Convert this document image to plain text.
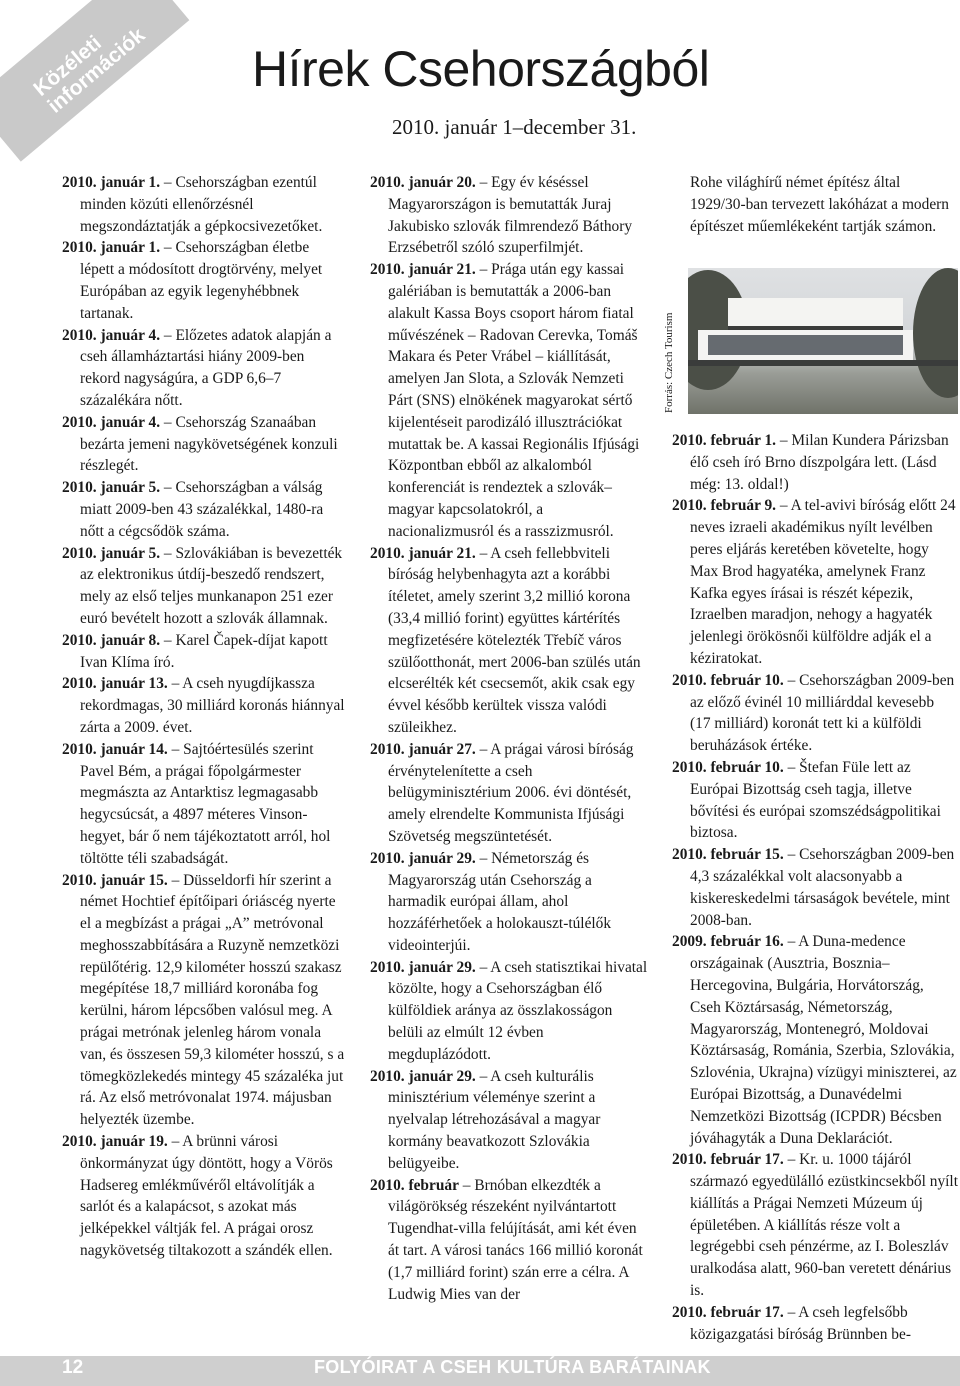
Közéleti információk	Hírek Csehországból
2010. január 1–december 31.

2010. január 1. – Csehországban ezentúl minden közúti ellenőrzésnél megszondáztatják a gépkocsivezetőket.

2010. január 1. – Csehországban életbe lépett a módosított drogtörvény, melyet Európában az egyik legenyhébbnek tartanak.

2010. január 4. – Előzetes adatok alapján a cseh államháztartási hiány 2009-ben rekord nagyságúra, a GDP 6,6–7 százalékára nőtt.

2010. január 4. – Csehország Szanaában bezárta jemeni nagykövetségének konzuli részlegét.

2010. január 5. – Csehországban a válság miatt 2009-ben 43 százalékkal, 1480-ra nőtt a cégcsődök száma.

2010. január 5. – Szlovákiában is bevezették az elektronikus útdíj-beszedő rendszert, mely az első teljes munkanapon 251 ezer euró bevételt hozott a szlovák államnak.

2010. január 8. – Karel Čapek-díjat kapott Ivan Klíma író.

2010. január 13. – A cseh nyugdíjkassza rekordmagas, 30 milliárd koronás hiánnyal zárta a 2009. évet.

2010. január 14. – Sajtóértesülés szerint Pavel Bém, a prágai főpolgármester megmászta az Antarktisz legmagasabb hegycsúcsát, a 4897 méteres Vinson-hegyet, bár ő nem tájékoztatott arról, hol töltötte téli szabadságát.

2010. január 15. – Düsseldorfi hír szerint a német Hochtief építőipari óriáscég nyerte el a megbízást a prágai „A” metróvonal meghosszabbítására a Ruzyně nemzetközi repülőtérig. 12,9 kilométer hosszú szakasz megépítése 18,7 milliárd koronába fog kerülni, három lépcsőben valósul meg. A prágai metrónak jelenleg három vonala van, és összesen 59,3 kilométer hosszú, s a tömegközlekedés mintegy 45 százaléka jut rá. Az első metróvonalat 1974. májusban helyezték üzembe.

2010. január 19. – A brünni városi önkormányzat úgy döntött, hogy a Vörös Hadsereg emlékművéről eltávolítják a sarlót és a kalapácsot, s azokat más jelképekkel váltják fel. A prágai orosz nagykövetség tiltakozott a szándék ellen.

2010. január 20. – Egy év késéssel Magyarországon is bemutatták Juraj Jakubisko szlovák filmrendező Báthory Erzsébetről szóló szuperfilmjét.

2010. január 21. – Prága után egy kassai galériában is bemutatták a 2006-ban alakult Kassa Boys csoport három fiatal művészének – Radovan Cerevka, Tomáš Makara és Peter Vrábel – kiállítását, amelyen Jan Slota, a Szlovák Nemzeti Párt (SNS) elnökének magyarokat sértő kijelentéseit parodizáló illusztrációkat mutattak be. A kassai Regionális Ifjúsági Központban ebből az alkalomból konferenciát is rendeztek a szlovák–magyar kapcsolatokról, a nacionalizmusról és a rasszizmusról.

2010. január 21. – A cseh fellebbviteli bíróság helybenhagyta azt a korábbi ítéletet, amely szerint 3,2 millió korona (33,4 millió forint) együttes kártérítés megfizetésére kötelezték Třebíč város szülőotthonát, mert 2006-ban szülés után elcserélték két csecsemőt, akik csak egy évvel később kerültek vissza valódi szüleikhez.

2010. január 27. – A prágai városi bíróság érvénytelenítette a cseh belügyminisztérium 2006. évi döntését, amely elrendelte Kommunista Ifjúsági Szövetség megszüntetését.

2010. január 29. – Németország és Magyarország után Csehország a harmadik európai állam, ahol hozzáférhetőek a holokauszt-túlélők videointerjúi.

2010. január 29. – A cseh statisztikai hivatal közölte, hogy a Csehországban élő külföldiek aránya az összlakosságon belüli az elmúlt 12 évben megduplázódott.

2010. január 29. – A cseh kulturális minisztérium véleménye szerint a nyelvalap létrehozásával a magyar kormány beavatkozott Szlovákia belügyeibe.

2010. február – Brnóban elkezdték a világörökség részeként nyilvántartott Tugendhat-villa felújítását, ami két éven át tart. A városi tanács 166 millió koronát (1,7 milliárd forint) szán erre a célra. A Ludwig Mies van der

Rohe világhírű német építész által 1929/30-ban tervezett lakóházat a modern építészet műemlékeként tartják számon.

Forrás: Czech Tourism

2010. február 1. – Milan Kundera Párizsban élő cseh író Brno díszpolgára lett. (Lásd még: 13. oldal!)

2010. február 9. – A tel-avivi bíróság előtt 24 neves izraeli akadémikus nyílt levélben peres eljárás keretében követelte, hogy Max Brod hagyatéka, amelynek Franz Kafka egyes írásai is részét képezik, Izraelben maradjon, nehogy a hagyaték jelenlegi örökösnői külföldre adják el a kéziratokat.

2010. február 10. – Csehországban 2009-ben az előző évinél 10 milliárddal kevesebb (17 milliárd) koronát tett ki a külföldi beruházások értéke.

2010. február 10. – Štefan Füle lett az Európai Bizottság cseh tagja, illetve bővítési és európai szomszédságpolitikai biztosa.

2010. február 15. – Csehországban 2009-ben 4,3 százalékkal volt alacsonyabb a kiskereskedelmi társaságok bevétele, mint 2008-ban.

2009. február 16. – A Duna-medence országainak (Ausztria, Bosznia–Hercegovina, Bulgária, Horvátország, Cseh Köztársaság, Németország, Magyarország, Montenegró, Moldovai Köztársaság, Románia, Szerbia, Szlovákia, Szlovénia, Ukrajna) vízügyi miniszterei, az Európai Bizottság, a Dunavédelmi Nemzetközi Bizottság (ICPDR) Bécsben jóváhagyták a Duna Deklarációt.

2010. február 17. – Kr. u. 1000 tájáról származó egyedülálló ezüstkincsekből nyílt kiállítás a Prágai Nemzeti Múzeum új épületében. A kiállítás része volt a legrégebbi cseh pénzérme, az I. Boleszláv uralkodása alatt, 960-ban veretett dénárius is.

2010. február 17. – A cseh legfelsőbb közigazgatási bíróság Brünnben be-

12	FOLYÓIRAT A CSEH KULTÚRA BARÁTAINAK
